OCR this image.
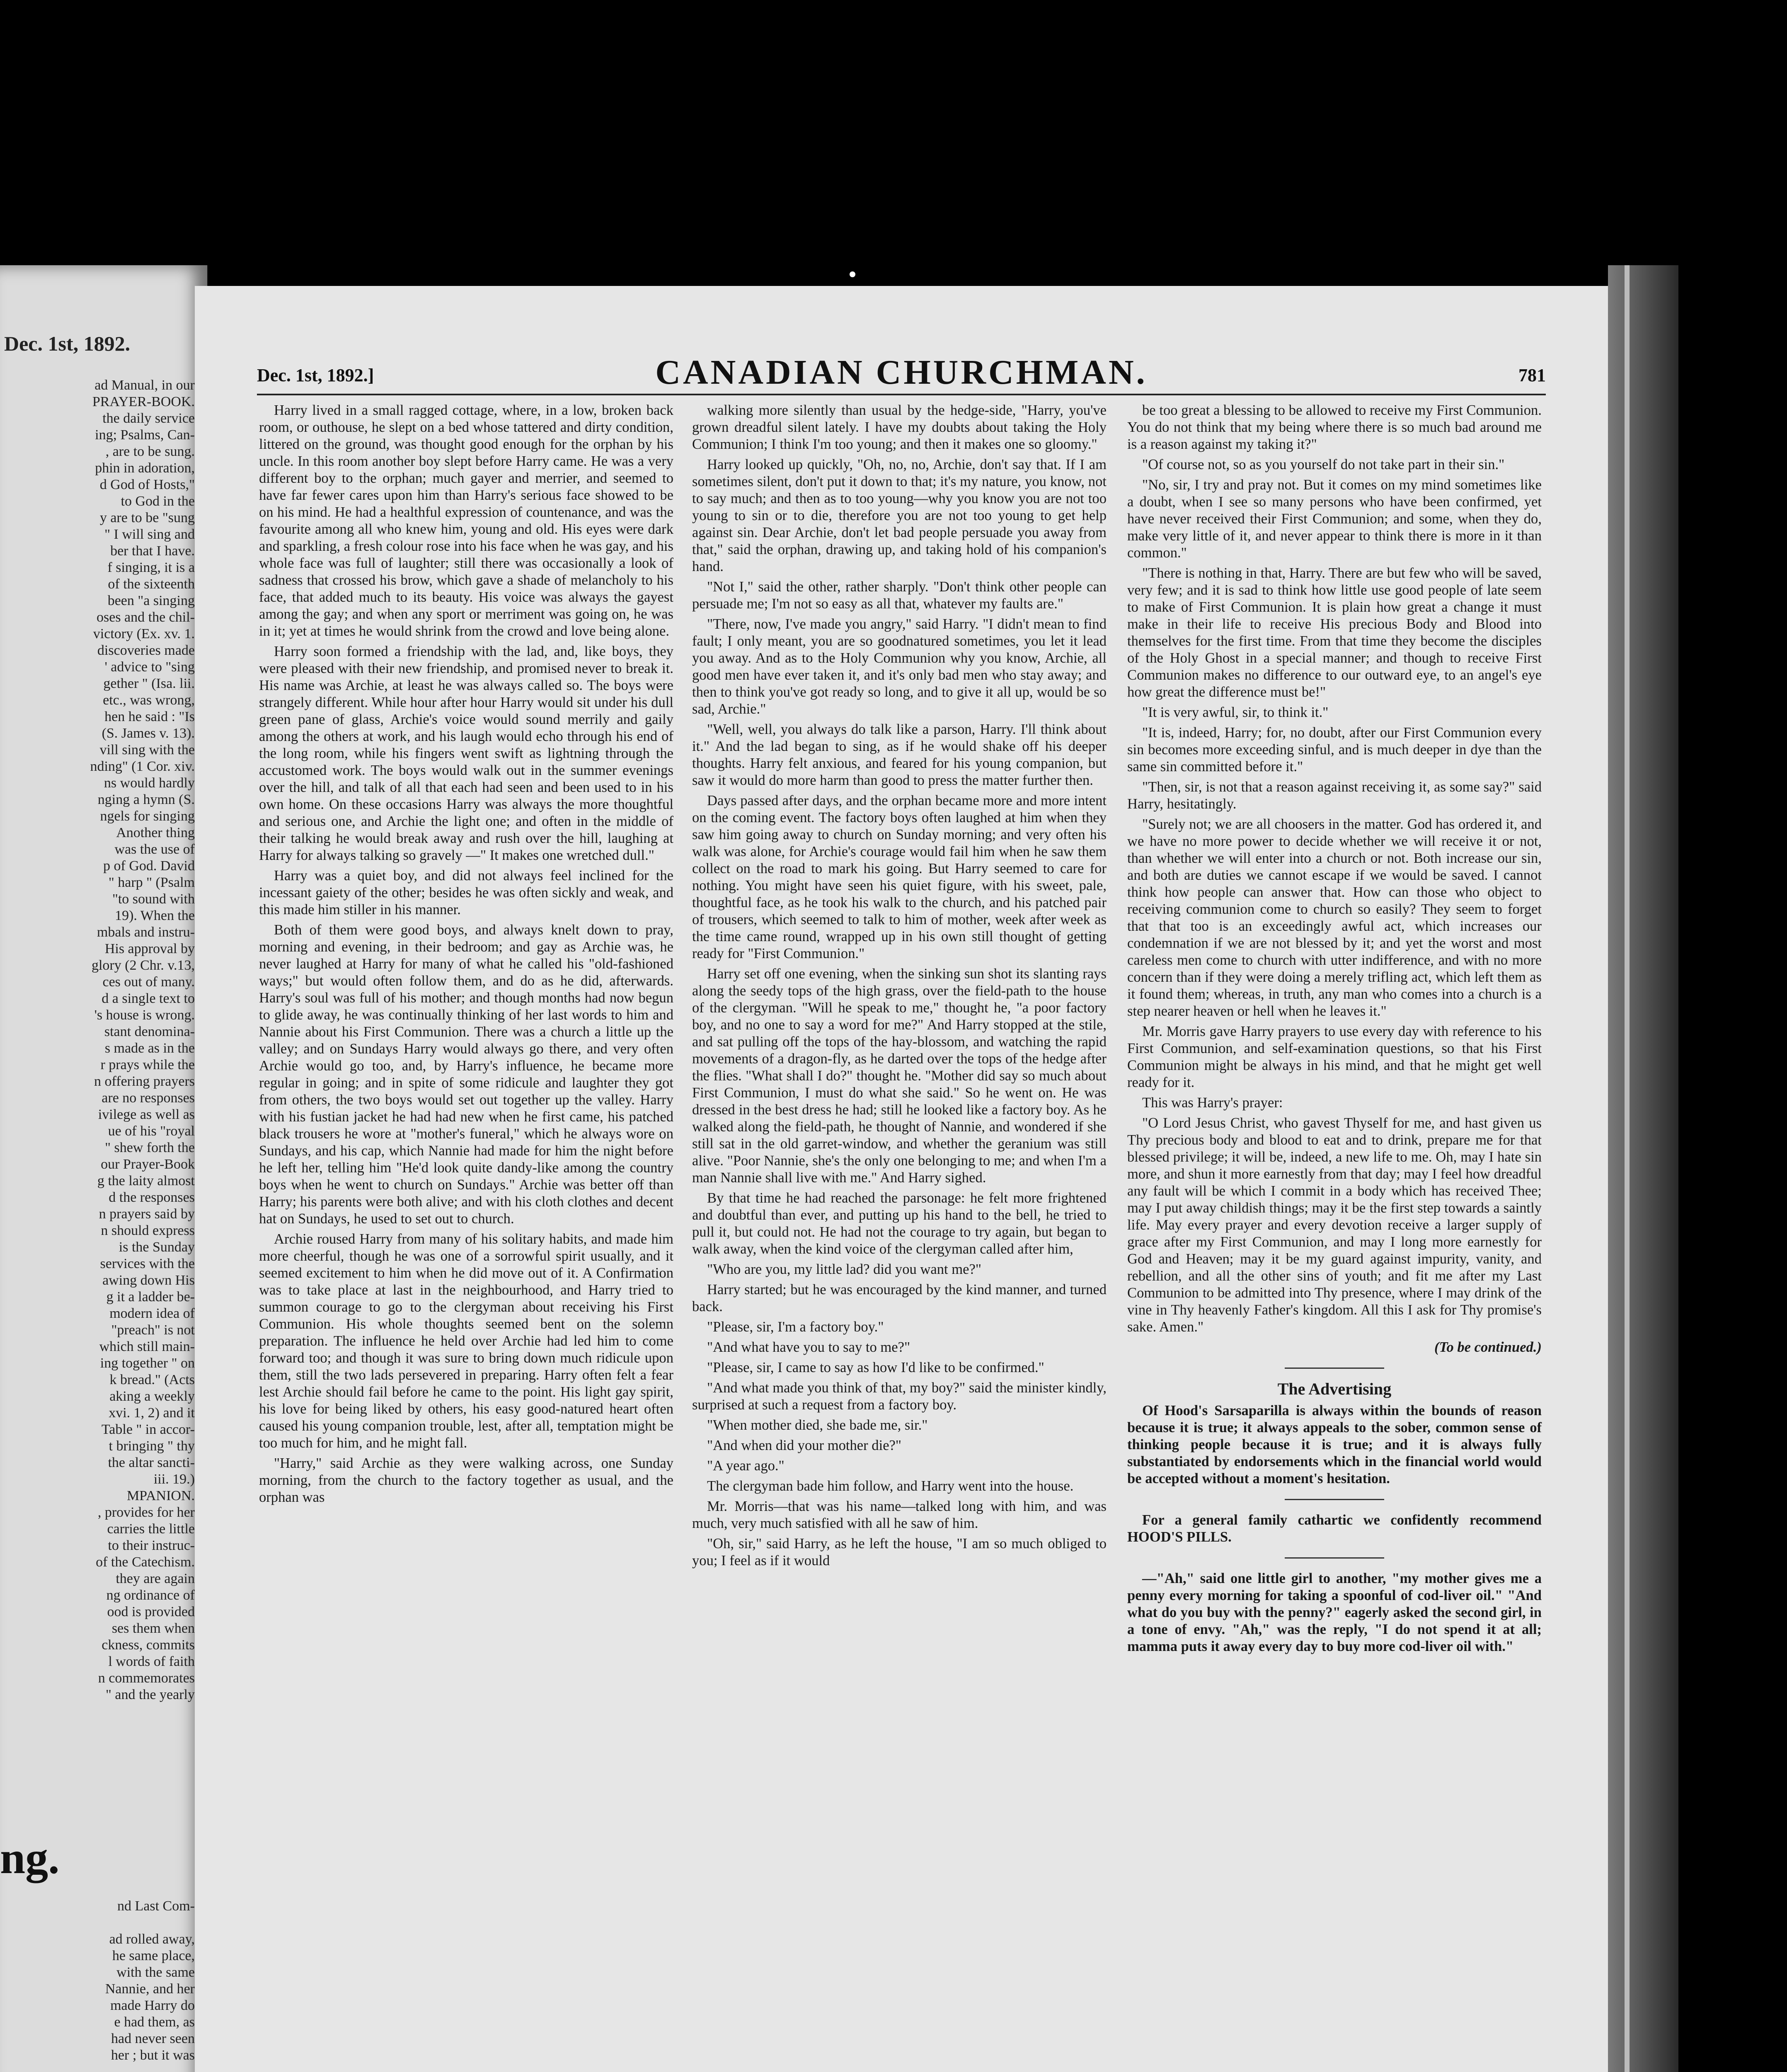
Dec. 1st, 1892.

ad Manual, in our

PRAYER-BOOK.

the daily service

ing; Psalms, Can-

, are to be sung.

phin in adoration,

d God of Hosts,"

to God in the

y are to be "sung

" I will sing and

ber that I have.

f singing, it is a

of the sixteenth

been "a singing

oses and the chil-

victory (Ex. xv. 1.

discoveries made

' advice to "sing

gether " (Isa. lii.

etc., was wrong,

hen he said : "Is

(S. James v. 13).

vill sing with the

nding" (1 Cor. xiv.

ns would hardly

nging a hymn (S.

ngels for singing

Another thing

was the use of

p of God. David

" harp " (Psalm

"to sound with

19). When the

mbals and instru-

His approval by

glory (2 Chr. v.13,

ces out of many.

d a single text to

's house is wrong.

stant denomina-

s made as in the

r prays while the

n offering prayers

are no responses

ivilege as well as

ue of his "royal

" shew forth the

our Prayer-Book

g the laity almost

d the responses

n prayers said by

n should express

is the Sunday

services with the

awing down His

g it a ladder be-

modern idea of

"preach" is not

which still main-

ing together " on

k bread." (Acts

aking a weekly

xvi. 1, 2) and it

Table " in accor-

t bringing " thy

the altar sancti-

iii. 19.)

MPANION.

, provides for her

carries the little

to their instruc-

of the Catechism.

they are again

ng ordinance of

ood is provided

ses them when

ckness, commits

l words of faith

n commemorates

" and the yearly

ng.

nd Last Com-

ad rolled away,

he same place,

with the same

Nannie, and her

made Harry do

e had them, as

had never seen

her ; but it was

Dec. 1st, 1892.]	CANADIAN CHURCHMAN.	781

Harry lived in a small ragged cottage, where, in a low, broken back room, or outhouse, he slept on a bed whose tattered and dirty condition, littered on the ground, was thought good enough for the orphan by his uncle. In this room another boy slept before Harry came. He was a very different boy to the orphan; much gayer and merrier, and seemed to have far fewer cares upon him than Harry's serious face showed to be on his mind. He had a healthful expression of countenance, and was the favourite among all who knew him, young and old. His eyes were dark and sparkling, a fresh colour rose into his face when he was gay, and his whole face was full of laughter; still there was occasionally a look of sadness that crossed his brow, which gave a shade of melancholy to his face, that added much to its beauty. His voice was always the gayest among the gay; and when any sport or merriment was going on, he was in it; yet at times he would shrink from the crowd and love being alone.

Harry soon formed a friendship with the lad, and, like boys, they were pleased with their new friendship, and promised never to break it. His name was Archie, at least he was always called so. The boys were strangely different. While hour after hour Harry would sit under his dull green pane of glass, Archie's voice would sound merrily and gaily among the others at work, and his laugh would echo through his end of the long room, while his fingers went swift as lightning through the accustomed work. The boys would walk out in the summer evenings over the hill, and talk of all that each had seen and been used to in his own home. On these occasions Harry was always the more thoughtful and serious one, and Archie the light one; and often in the middle of their talking he would break away and rush over the hill, laughing at Harry for always talking so gravely —" It makes one wretched dull."

Harry was a quiet boy, and did not always feel inclined for the incessant gaiety of the other; besides he was often sickly and weak, and this made him stiller in his manner.

Both of them were good boys, and always knelt down to pray, morning and evening, in their bedroom; and gay as Archie was, he never laughed at Harry for many of what he called his "old-fashioned ways;" but would often follow them, and do as he did, afterwards. Harry's soul was full of his mother; and though months had now begun to glide away, he was continually thinking of her last words to him and Nannie about his First Communion. There was a church a little up the valley; and on Sundays Harry would always go there, and very often Archie would go too, and, by Harry's influence, he became more regular in going; and in spite of some ridicule and laughter they got from others, the two boys would set out together up the valley. Harry with his fustian jacket he had had new when he first came, his patched black trousers he wore at "mother's funeral," which he always wore on Sundays, and his cap, which Nannie had made for him the night before he left her, telling him "He'd look quite dandy-like among the country boys when he went to church on Sundays." Archie was better off than Harry; his parents were both alive; and with his cloth clothes and decent hat on Sundays, he used to set out to church.

Archie roused Harry from many of his solitary habits, and made him more cheerful, though he was one of a sorrowful spirit usually, and it seemed excitement to him when he did move out of it. A Confirmation was to take place at last in the neighbourhood, and Harry tried to summon courage to go to the clergyman about receiving his First Communion. His whole thoughts seemed bent on the solemn preparation. The influence he held over Archie had led him to come forward too; and though it was sure to bring down much ridicule upon them, still the two lads persevered in preparing. Harry often felt a fear lest Archie should fail before he came to the point. His light gay spirit, his love for being liked by others, his easy good-natured heart often caused his young companion trouble, lest, after all, temptation might be too much for him, and he might fall.

"Harry," said Archie as they were walking across, one Sunday morning, from the church to the factory together as usual, and the orphan was

walking more silently than usual by the hedge-side, "Harry, you've grown dreadful silent lately. I have my doubts about taking the Holy Communion; I think I'm too young; and then it makes one so gloomy."

Harry looked up quickly, "Oh, no, no, Archie, don't say that. If I am sometimes silent, don't put it down to that; it's my nature, you know, not to say much; and then as to too young—why you know you are not too young to sin or to die, therefore you are not too young to get help against sin. Dear Archie, don't let bad people persuade you away from that," said the orphan, drawing up, and taking hold of his companion's hand.

"Not I," said the other, rather sharply. "Don't think other people can persuade me; I'm not so easy as all that, whatever my faults are."

"There, now, I've made you angry," said Harry. "I didn't mean to find fault; I only meant, you are so goodnatured sometimes, you let it lead you away. And as to the Holy Communion why you know, Archie, all good men have ever taken it, and it's only bad men who stay away; and then to think you've got ready so long, and to give it all up, would be so sad, Archie."

"Well, well, you always do talk like a parson, Harry. I'll think about it." And the lad began to sing, as if he would shake off his deeper thoughts. Harry felt anxious, and feared for his young companion, but saw it would do more harm than good to press the matter further then.

Days passed after days, and the orphan became more and more intent on the coming event. The factory boys often laughed at him when they saw him going away to church on Sunday morning; and very often his walk was alone, for Archie's courage would fail him when he saw them collect on the road to mark his going. But Harry seemed to care for nothing. You might have seen his quiet figure, with his sweet, pale, thoughtful face, as he took his walk to the church, and his patched pair of trousers, which seemed to talk to him of mother, week after week as the time came round, wrapped up in his own still thought of getting ready for "First Communion."

Harry set off one evening, when the sinking sun shot its slanting rays along the seedy tops of the high grass, over the field-path to the house of the clergyman. "Will he speak to me," thought he, "a poor factory boy, and no one to say a word for me?" And Harry stopped at the stile, and sat pulling off the tops of the hay-blossom, and watching the rapid movements of a dragon-fly, as he darted over the tops of the hedge after the flies. "What shall I do?" thought he. "Mother did say so much about First Communion, I must do what she said." So he went on. He was dressed in the best dress he had; still he looked like a factory boy. As he walked along the field-path, he thought of Nannie, and wondered if she still sat in the old garret-window, and whether the geranium was still alive. "Poor Nannie, she's the only one belonging to me; and when I'm a man Nannie shall live with me." And Harry sighed.

By that time he had reached the parsonage: he felt more frightened and doubtful than ever, and putting up his hand to the bell, he tried to pull it, but could not. He had not the courage to try again, but began to walk away, when the kind voice of the clergyman called after him,

"Who are you, my little lad? did you want me?"

Harry started; but he was encouraged by the kind manner, and turned back.

"Please, sir, I'm a factory boy."

"And what have you to say to me?"

"Please, sir, I came to say as how I'd like to be confirmed."

"And what made you think of that, my boy?" said the minister kindly, surprised at such a request from a factory boy.

"When mother died, she bade me, sir."

"And when did your mother die?"

"A year ago."

The clergyman bade him follow, and Harry went into the house.

Mr. Morris—that was his name—talked long with him, and was much, very much satisfied with all he saw of him.

"Oh, sir," said Harry, as he left the house, "I am so much obliged to you; I feel as if it would

be too great a blessing to be allowed to receive my First Communion. You do not think that my being where there is so much bad around me is a reason against my taking it?"

"Of course not, so as you yourself do not take part in their sin."

"No, sir, I try and pray not. But it comes on my mind sometimes like a doubt, when I see so many persons who have been confirmed, yet have never received their First Communion; and some, when they do, make very little of it, and never appear to think there is more in it than common."

"There is nothing in that, Harry. There are but few who will be saved, very few; and it is sad to think how little use good people of late seem to make of First Communion. It is plain how great a change it must make in their life to receive His precious Body and Blood into themselves for the first time. From that time they become the disciples of the Holy Ghost in a special manner; and though to receive First Communion makes no difference to our outward eye, to an angel's eye how great the difference must be!"

"It is very awful, sir, to think it."

"It is, indeed, Harry; for, no doubt, after our First Communion every sin becomes more exceeding sinful, and is much deeper in dye than the same sin committed before it."

"Then, sir, is not that a reason against receiving it, as some say?" said Harry, hesitatingly.

"Surely not; we are all choosers in the matter. God has ordered it, and we have no more power to decide whether we will receive it or not, than whether we will enter into a church or not. Both increase our sin, and both are duties we cannot escape if we would be saved. I cannot think how people can answer that. How can those who object to receiving communion come to church so easily? They seem to forget that that too is an exceedingly awful act, which increases our condemnation if we are not blessed by it; and yet the worst and most careless men come to church with utter indifference, and with no more concern than if they were doing a merely trifling act, which left them as it found them; whereas, in truth, any man who comes into a church is a step nearer heaven or hell when he leaves it."

Mr. Morris gave Harry prayers to use every day with reference to his First Communion, and self-examination questions, so that his First Communion might be always in his mind, and that he might get well ready for it.

This was Harry's prayer:

"O Lord Jesus Christ, who gavest Thyself for me, and hast given us Thy precious body and blood to eat and to drink, prepare me for that blessed privilege; it will be, indeed, a new life to me. Oh, may I hate sin more, and shun it more earnestly from that day; may I feel how dreadful any fault will be which I commit in a body which has received Thee; may I put away childish things; may it be the first step towards a saintly life. May every prayer and every devotion receive a larger supply of grace after my First Communion, and may I long more earnestly for God and Heaven; may it be my guard against impurity, vanity, and rebellion, and all the other sins of youth; and fit me after my Last Communion to be admitted into Thy presence, where I may drink of the vine in Thy heavenly Father's kingdom. All this I ask for Thy promise's sake. Amen."

(To be continued.)

The Advertising

Of Hood's Sarsaparilla is always within the bounds of reason because it is true; it always appeals to the sober, common sense of thinking people because it is true; and it is always fully substantiated by endorsements which in the financial world would be accepted without a moment's hesitation.

For a general family cathartic we confidently recommend HOOD'S PILLS.

—"Ah," said one little girl to another, "my mother gives me a penny every morning for taking a spoonful of cod-liver oil." "And what do you buy with the penny?" eagerly asked the second girl, in a tone of envy. "Ah," was the reply, "I do not spend it at all; mamma puts it away every day to buy more cod-liver oil with."
